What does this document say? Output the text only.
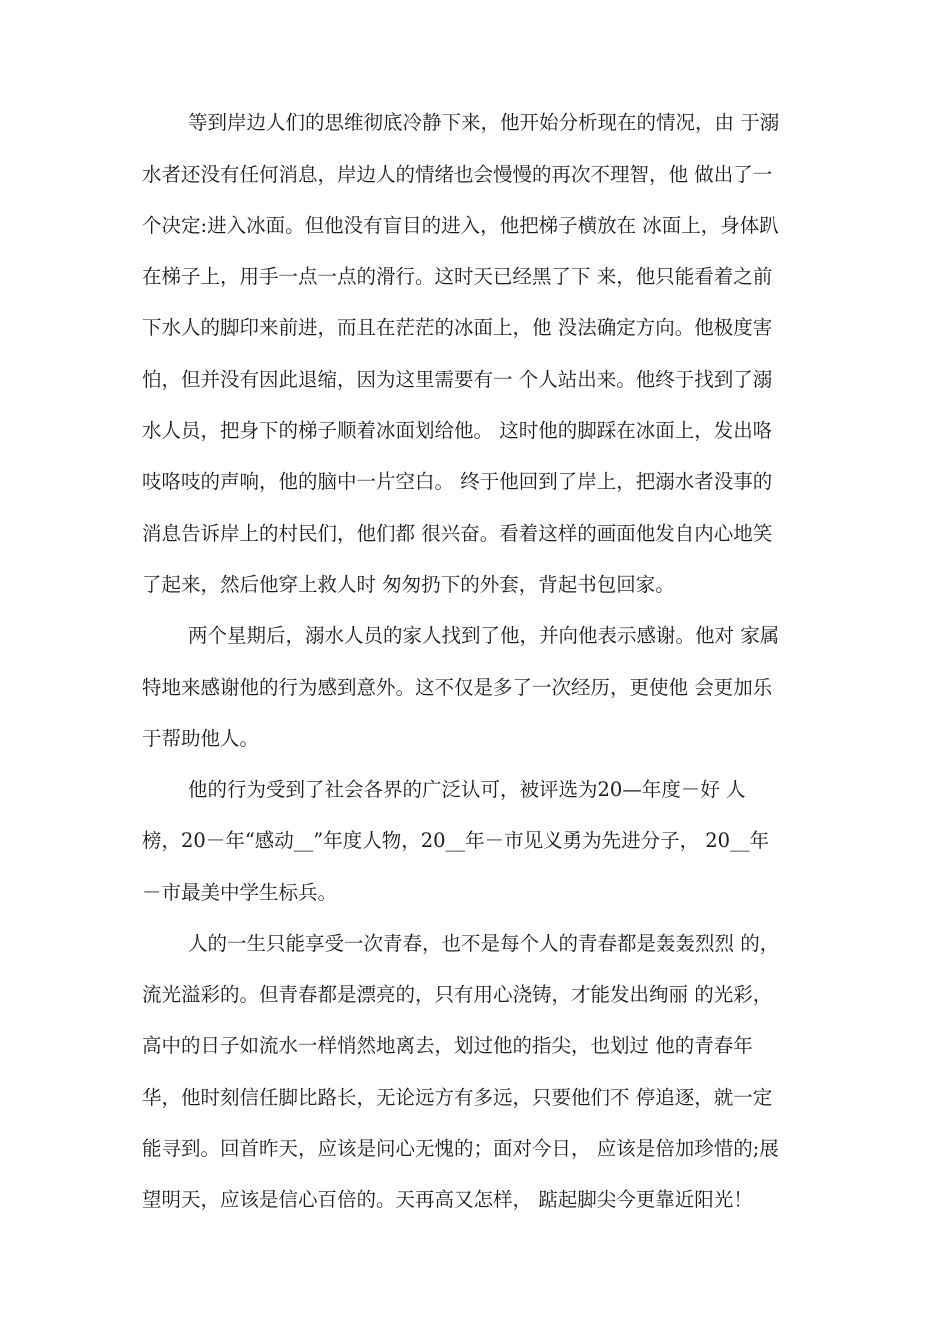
等到岸边人们的思维彻底冷静下来，他开始分析现在的情况，由 于溺
水者还没有任何消息，岸边人的情绪也会慢慢的再次不理智，他 做出了一
个决定:进入冰面。但他没有盲目的进入，他把梯子横放在 冰面上，身体趴
在梯子上，用手一点一点的滑行。这时天已经黑了下 来，他只能看着之前
下水人的脚印来前进，而且在茫茫的冰面上，他 没法确定方向。他极度害
怕，但并没有因此退缩，因为这里需要有一 个人站出来。他终于找到了溺
水人员，把身下的梯子顺着冰面划给他。 这时他的脚踩在冰面上，发出咯
吱咯吱的声响，他的脑中一片空白。 终于他回到了岸上，把溺水者没事的
消息告诉岸上的村民们，他们都 很兴奋。看着这样的画面他发自内心地笑
了起来，然后他穿上救人时 匆匆扔下的外套，背起书包回家。
两个星期后，溺水人员的家人找到了他，并向他表示感谢。他对 家属
特地来感谢他的行为感到意外。这不仅是多了一次经历，更使他 会更加乐
于帮助他人。
他的行为受到了社会各界的广泛认可，被评选为20—年度－好 人
榜，20－年“感动__”年度人物，20__年－市见义勇为先进分子， 20__年
－市最美中学生标兵。
人的一生只能享受一次青春，也不是每个人的青春都是轰轰烈烈 的，
流光溢彩的。但青春都是漂亮的，只有用心浇铸，才能发出绚丽 的光彩，
高中的日子如流水一样悄然地离去，划过他的指尖，也划过 他的青春年
华，他时刻信任脚比路长，无论远方有多远，只要他们不 停追逐，就一定
能寻到。回首昨天，应该是问心无愧的；面对今日， 应该是倍加珍惜的;展
望明天，应该是信心百倍的。天再高又怎样， 踮起脚尖今更靠近阳光！
